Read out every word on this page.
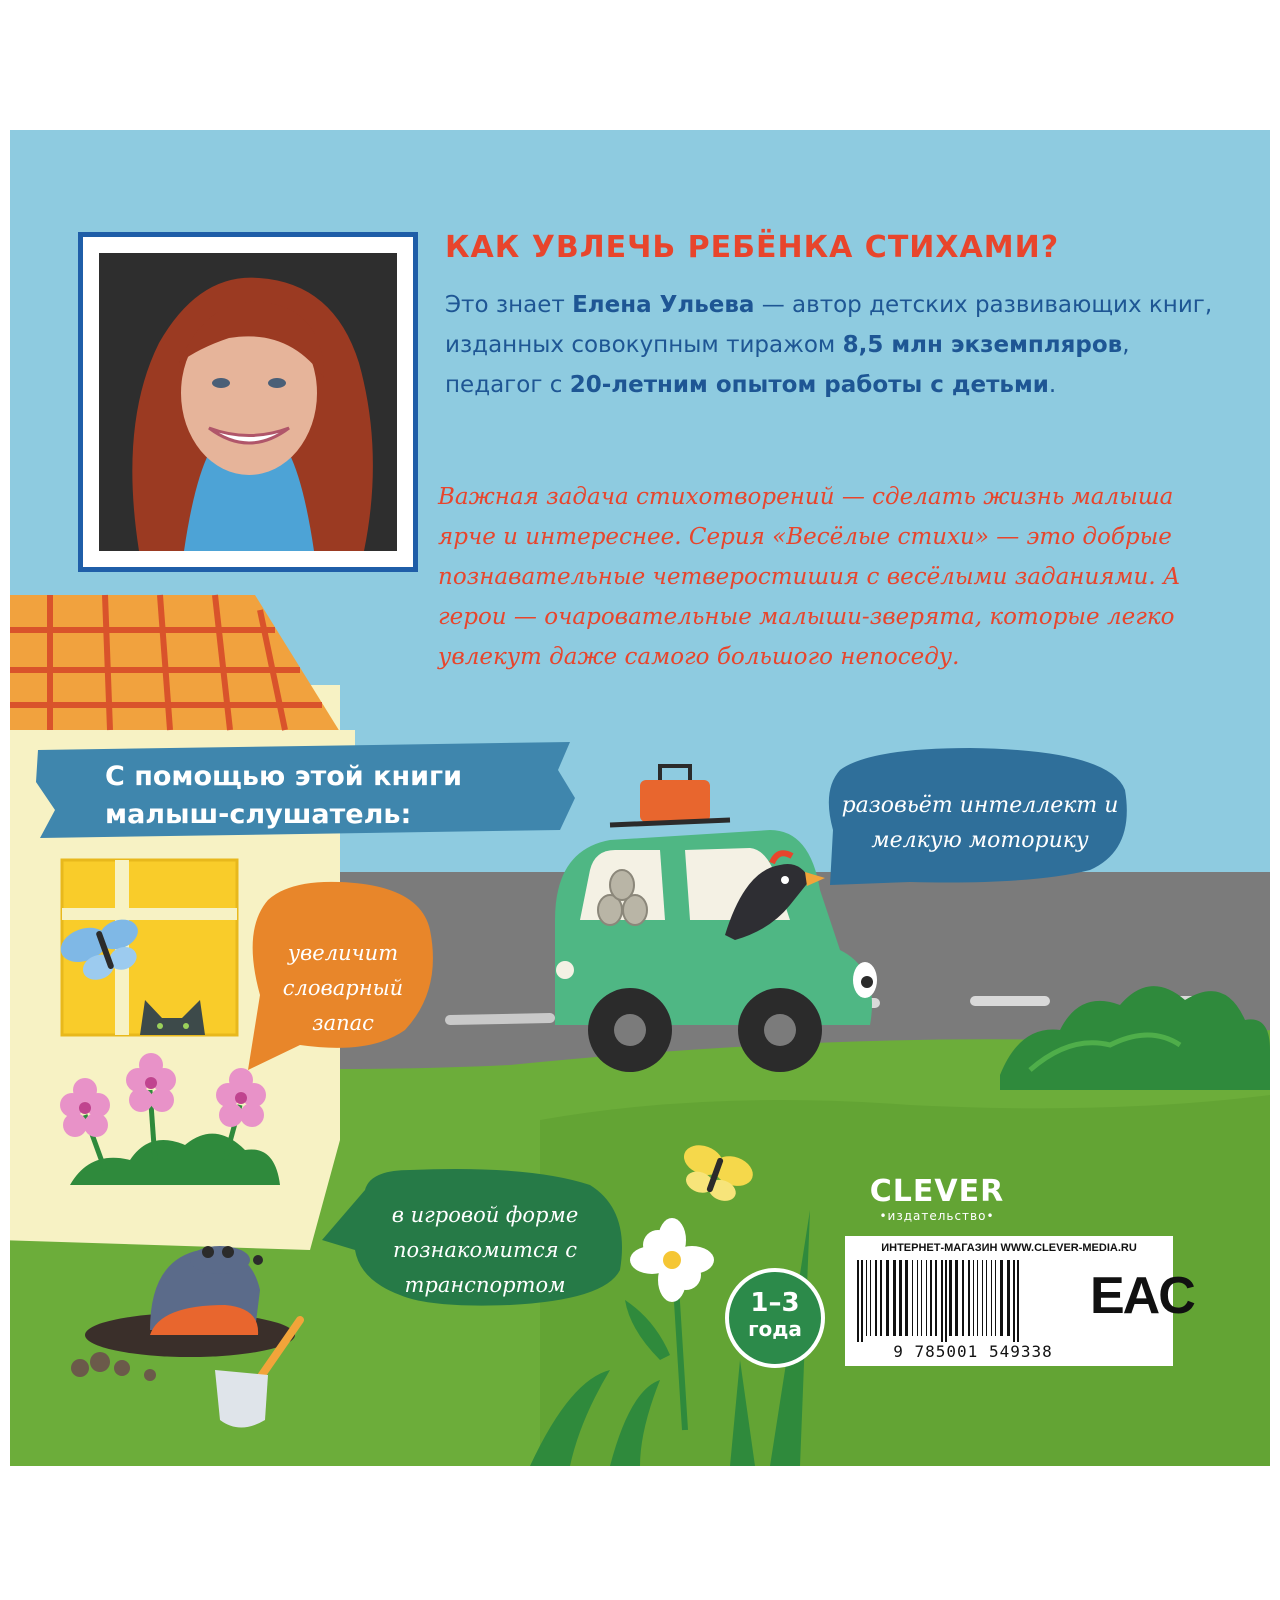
КАК УВЛЕЧЬ РЕБЁНКА СТИХАМИ?

Это знает Елена Ульева — автор детских развивающих книг, изданных совокупным тиражом 8,5 млн экземпляров, педагог с 20-летним опытом работы с детьми.

Важная задача стихотворений — сделать жизнь малыша ярче и интереснее. Серия «Весёлые стихи» — это добрые познавательные четверостишия с весёлыми заданиями. А герои — очаровательные малыши-зверята, которые легко увлекут даже самого большого непоседу.

С помощью этой книги
малыш-слушатель:

увеличит словарный запас

разовьёт интеллект и мелкую моторику

в игровой форме познакомится с транспортом

1–3
года
CLEVER
•издательство•

ИНТЕРНЕТ-МАГАЗИН WWW.CLEVER-MEDIA.RU

9 785001 549338

EAC
